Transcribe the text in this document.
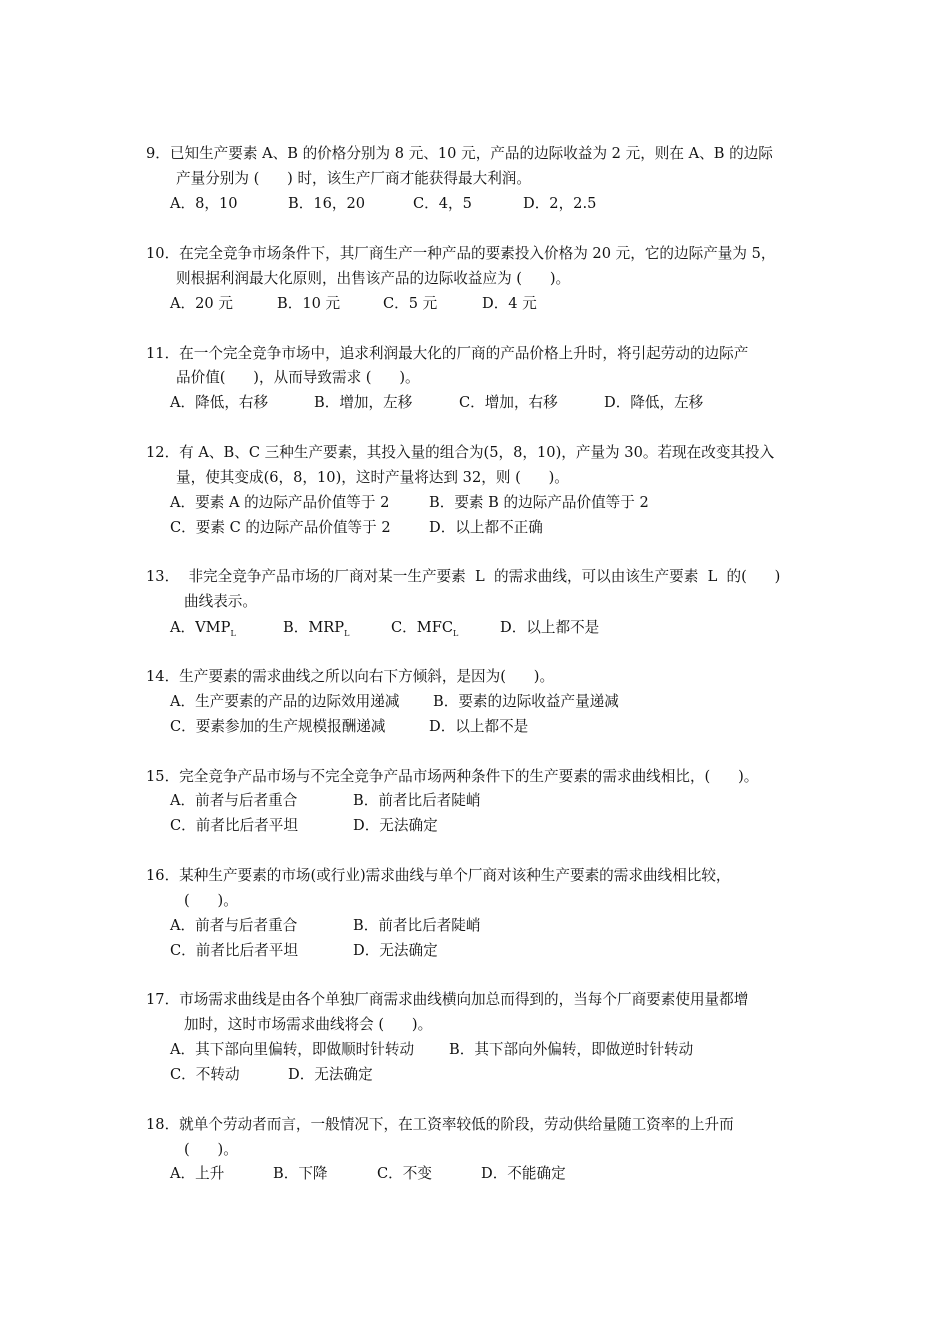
9．已知生产要素 A、B 的价格分别为 8 元、10 元，产品的边际收益为 2 元，则在 A、B 的边际
产量分别为 (      ) 时，该生产厂商才能获得最大利润。
A．8，10	B．16，20	C．4，5	D．2，2.5
10．在完全竞争市场条件下，其厂商生产一种产品的要素投入价格为 20 元，它的边际产量为 5，
则根据利润最大化原则，出售该产品的边际收益应为 (      )。
A．20 元	B．10 元	C．5 元	D．4 元
11．在一个完全竞争市场中，追求利润最大化的厂商的产品价格上升时，将引起劳动的边际产
品价值(      )，从而导致需求 (      )。
A．降低，右移	B．增加，左移	C．增加，右移	D．降低，左移
12．有 A、B、C 三种生产要素，其投入量的组合为(5，8，10)，产量为 30。若现在改变其投入
量，使其变成(6，8，10)，这时产量将达到 32，则 (      )。
A．要素 A 的边际产品价值等于 2	B．要素 B 的边际产品价值等于 2
C．要素 C 的边际产品价值等于 2	D．以上都不正确
13．  非完全竞争产品市场的厂商对某一生产要素  L  的需求曲线，可以由该生产要素  L  的(      )
曲线表示。
A．$VMP_L$	B．$MRP_L$	C．$MFC_L$	D．以上都不是
14．生产要素的需求曲线之所以向右下方倾斜，是因为(      )。
A．生产要素的产品的边际效用递减 B．要素的边际收益产量递减
C．要素参加的生产规模报酬递减	D．以上都不是
15．完全竞争产品市场与不完全竞争产品市场两种条件下的生产要素的需求曲线相比，(      )。
A．前者与后者重合	B．前者比后者陡峭
C．前者比后者平坦	D．无法确定
16．某种生产要素的市场(或行业)需求曲线与单个厂商对该种生产要素的需求曲线相比较，
(      )。
A．前者与后者重合	B．前者比后者陡峭
C．前者比后者平坦	D．无法确定
17．市场需求曲线是由各个单独厂商需求曲线横向加总而得到的，当每个厂商要素使用量都增
加时，这时市场需求曲线将会 (      )。
A．其下部向里偏转，即做顺时针转动 B．其下部向外偏转，即做逆时针转动
C．不转动	D．无法确定
18．就单个劳动者而言，一般情况下，在工资率较低的阶段，劳动供给量随工资率的上升而
(      )。
A．上升	B．下降	C．不变	D．不能确定
